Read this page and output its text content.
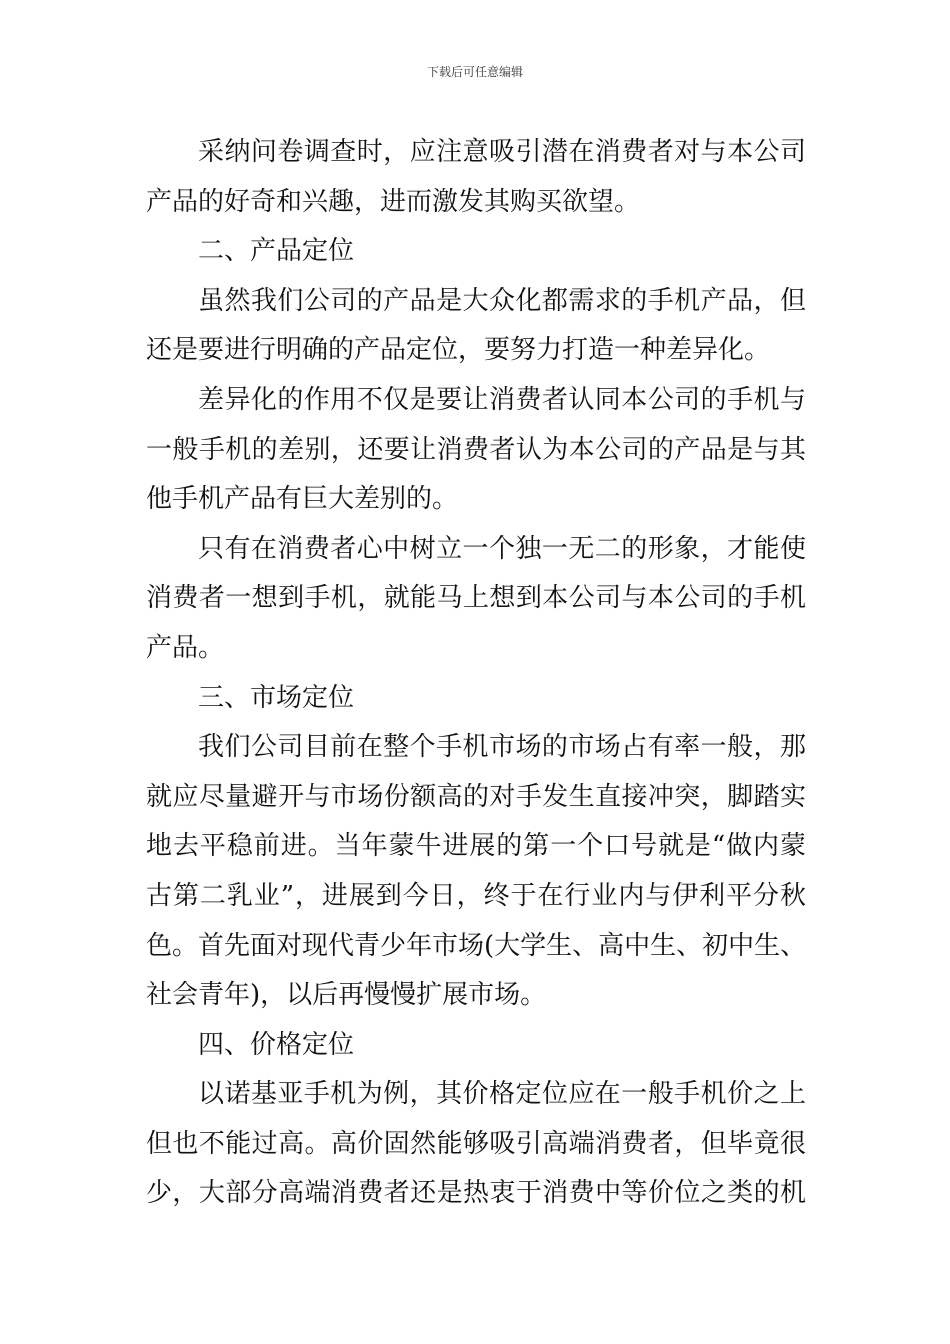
下载后可任意编辑
采纳问卷调查时，应注意吸引潜在消费者对与本公司
产品的好奇和兴趣，进而激发其购买欲望。
二、产品定位
虽然我们公司的产品是大众化都需求的手机产品，但
还是要进行明确的产品定位，要努力打造一种差异化。
差异化的作用不仅是要让消费者认同本公司的手机与
一般手机的差别，还要让消费者认为本公司的产品是与其
他手机产品有巨大差别的。
只有在消费者心中树立一个独一无二的形象，才能使
消费者一想到手机，就能马上想到本公司与本公司的手机
产品。
三、市场定位
我们公司目前在整个手机市场的市场占有率一般，那
就应尽量避开与市场份额高的对手发生直接冲突，脚踏实
地去平稳前进。当年蒙牛进展的第一个口号就是“做内蒙
古第二乳业”，进展到今日，终于在行业内与伊利平分秋
色。首先面对现代青少年市场(大学生、高中生、初中生、
社会青年)，以后再慢慢扩展市场。
四、价格定位
以诺基亚手机为例，其价格定位应在一般手机价之上
但也不能过高。高价固然能够吸引高端消费者，但毕竟很
少，大部分高端消费者还是热衷于消费中等价位之类的机
